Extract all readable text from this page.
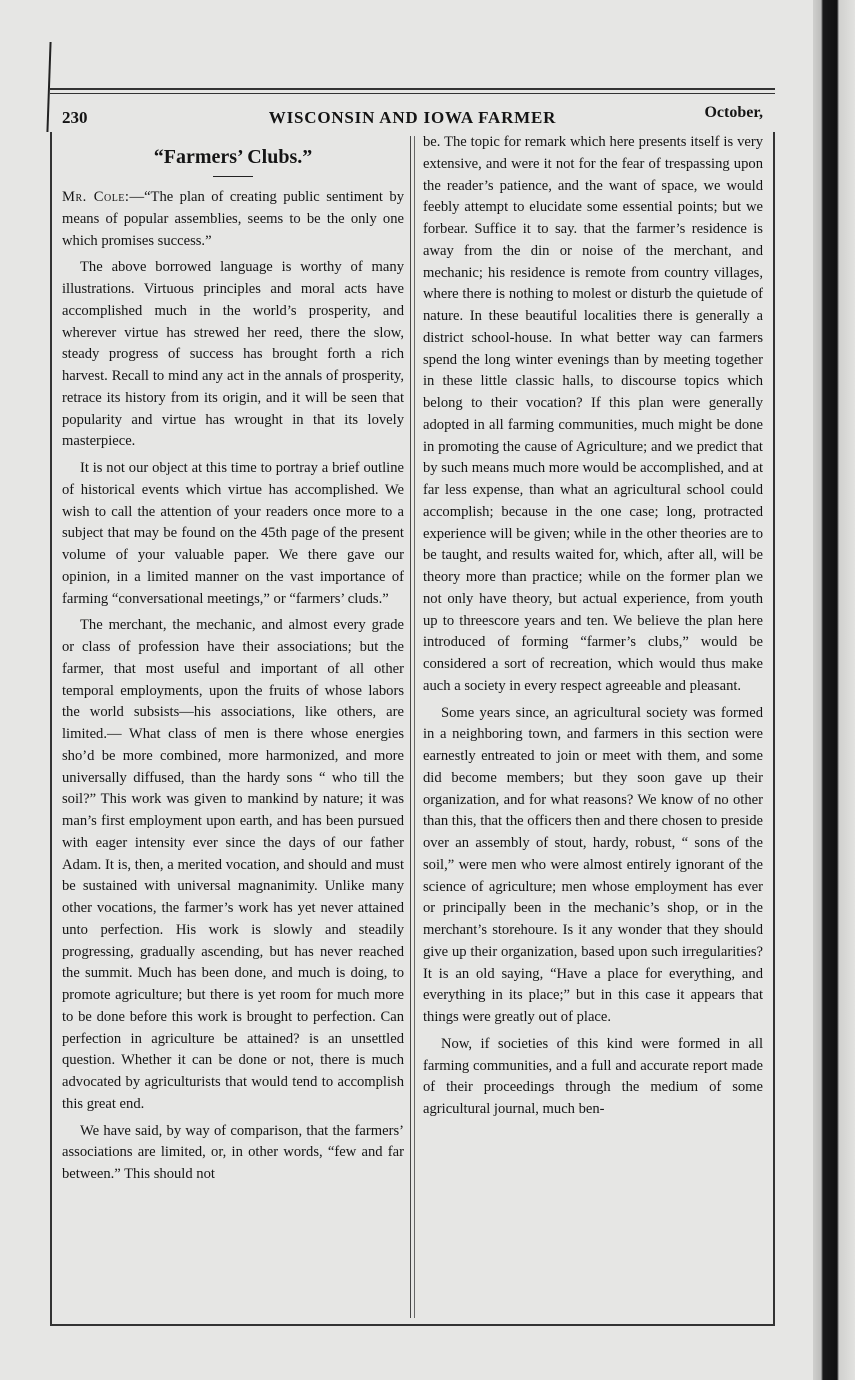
230	WISCONSIN AND IOWA FARMER	October,
“Farmers’ Clubs.”

Mr. Cole:—“The plan of creating public sentiment by means of popular assemblies, seems to be the only one which promises success.”

The above borrowed language is worthy of many illustrations. Virtuous principles and moral acts have accomplished much in the world’s prosperity, and wherever virtue has strewed her reed, there the slow, steady progress of success has brought forth a rich harvest. Recall to mind any act in the annals of prosperity, retrace its history from its origin, and it will be seen that popularity and virtue has wrought in that its lovely masterpiece.

It is not our object at this time to portray a brief outline of historical events which virtue has accomplished. We wish to call the attention of your readers once more to a subject that may be found on the 45th page of the present volume of your valuable paper. We there gave our opinion, in a limited manner on the vast importance of farming “conversational meetings,” or “farmers’ cluds.”

The merchant, the mechanic, and almost every grade or class of profession have their associations; but the farmer, that most useful and important of all other temporal employments, upon the fruits of whose labors the world subsists—his associations, like others, are limited.— What class of men is there whose energies sho’d be more combined, more harmonized, and more universally diffused, than the hardy sons “ who till the soil?” This work was given to mankind by nature; it was man’s first employment upon earth, and has been pursued with eager intensity ever since the days of our father Adam. It is, then, a merited vocation, and should and must be sustained with universal magnanimity. Unlike many other vocations, the farmer’s work has yet never attained unto perfection. His work is slowly and steadily progressing, gradually ascending, but has never reached the summit. Much has been done, and much is doing, to promote agriculture; but there is yet room for much more to be done before this work is brought to perfection. Can perfection in agriculture be attained? is an unsettled question. Whether it can be done or not, there is much advocated by agriculturists that would tend to accomplish this great end.

We have said, by way of comparison, that the farmers’ associations are limited, or, in other words, “few and far between.” This should not

be. The topic for remark which here presents itself is very extensive, and were it not for the fear of trespassing upon the reader’s patience, and the want of space, we would feebly attempt to elucidate some essential points; but we forbear. Suffice it to say. that the farmer’s residence is away from the din or noise of the merchant, and mechanic; his residence is remote from country villages, where there is nothing to molest or disturb the quietude of nature. In these beautiful localities there is generally a district school-house. In what better way can farmers spend the long winter evenings than by meeting together in these little classic halls, to discourse topics which belong to their vocation? If this plan were generally adopted in all farming communities, much might be done in promoting the cause of Agriculture; and we predict that by such means much more would be accomplished, and at far less expense, than what an agricultural school could accomplish; because in the one case; long, protracted experience will be given; while in the other theories are to be taught, and results waited for, which, after all, will be theory more than practice; while on the former plan we not only have theory, but actual experience, from youth up to threescore years and ten. We believe the plan here introduced of forming “farmer’s clubs,” would be considered a sort of recreation, which would thus make auch a society in every respect agreeable and pleasant.

Some years since, an agricultural society was formed in a neighboring town, and farmers in this section were earnestly entreated to join or meet with them, and some did become members; but they soon gave up their organization, and for what reasons? We know of no other than this, that the officers then and there chosen to preside over an assembly of stout, hardy, robust, “ sons of the soil,” were men who were almost entirely ignorant of the science of agriculture; men whose employment has ever or principally been in the mechanic’s shop, or in the merchant’s storehoure. Is it any wonder that they should give up their organization, based upon such irregularities? It is an old saying, “Have a place for everything, and everything in its place;” but in this case it appears that things were greatly out of place.

Now, if societies of this kind were formed in all farming communities, and a full and accurate report made of their proceedings through the medium of some agricultural journal, much ben-
